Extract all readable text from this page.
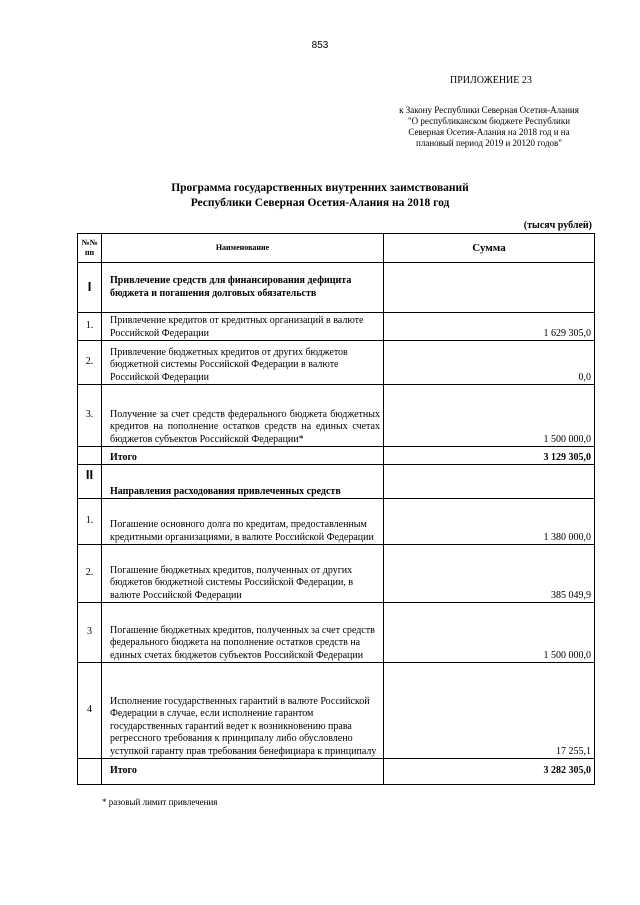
853
ПРИЛОЖЕНИЕ 23
к Закону Республики Северная Осетия-Алания
"О республиканском бюджете Республики
Северная Осетия-Алания на 2018 год и на
плановый период 2019 и 20120 годов"
Программа государственных внутренних заимствований
Республики Северная Осетия-Алания на 2018 год
(тысяч рублей)
№№ пп	Наименование	Сумма
I	Привлечение средств для финансирования дефицита бюджета и погашения долговых обязательств	
1.	Привлечение кредитов от кредитных организаций в валюте Российской Федерации	1 629 305,0
2.	Привлечение бюджетных кредитов от других бюджетов бюджетной системы Российской Федерации в валюте Российской Федерации	0,0
3.	Получение за счет средств федерального бюджета бюджетных кредитов на пополнение остатков средств на единых счетах бюджетов субъектов Российской Федерации*	1 500 000,0
	Итого	3 129 305,0
II	Направления расходования привлеченных средств	
1.	Погашение основного долга по кредитам, предоставленным кредитными организациями, в валюте Российской Федерации	1 380 000,0
2.	Погашение бюджетных кредитов, полученных от других бюджетов бюджетной системы Российской Федерации, в валюте Российской Федерации	385 049,9
3	Погашение бюджетных кредитов, полученных за счет средств федерального бюджета на пополнение остатков средств на единых счетах бюджетов субъектов Российской Федерации	1 500 000,0
4	Исполнение государственных гарантий в валюте Российской Федерации в случае, если исполнение гарантом государственных гарантий ведет к возникновению права регрессного требования к принципалу либо обусловлено уступкой гаранту прав требования бенефициара к принципалу	17 255,1
	Итого	3 282 305,0
* разовый лимит привлечения
